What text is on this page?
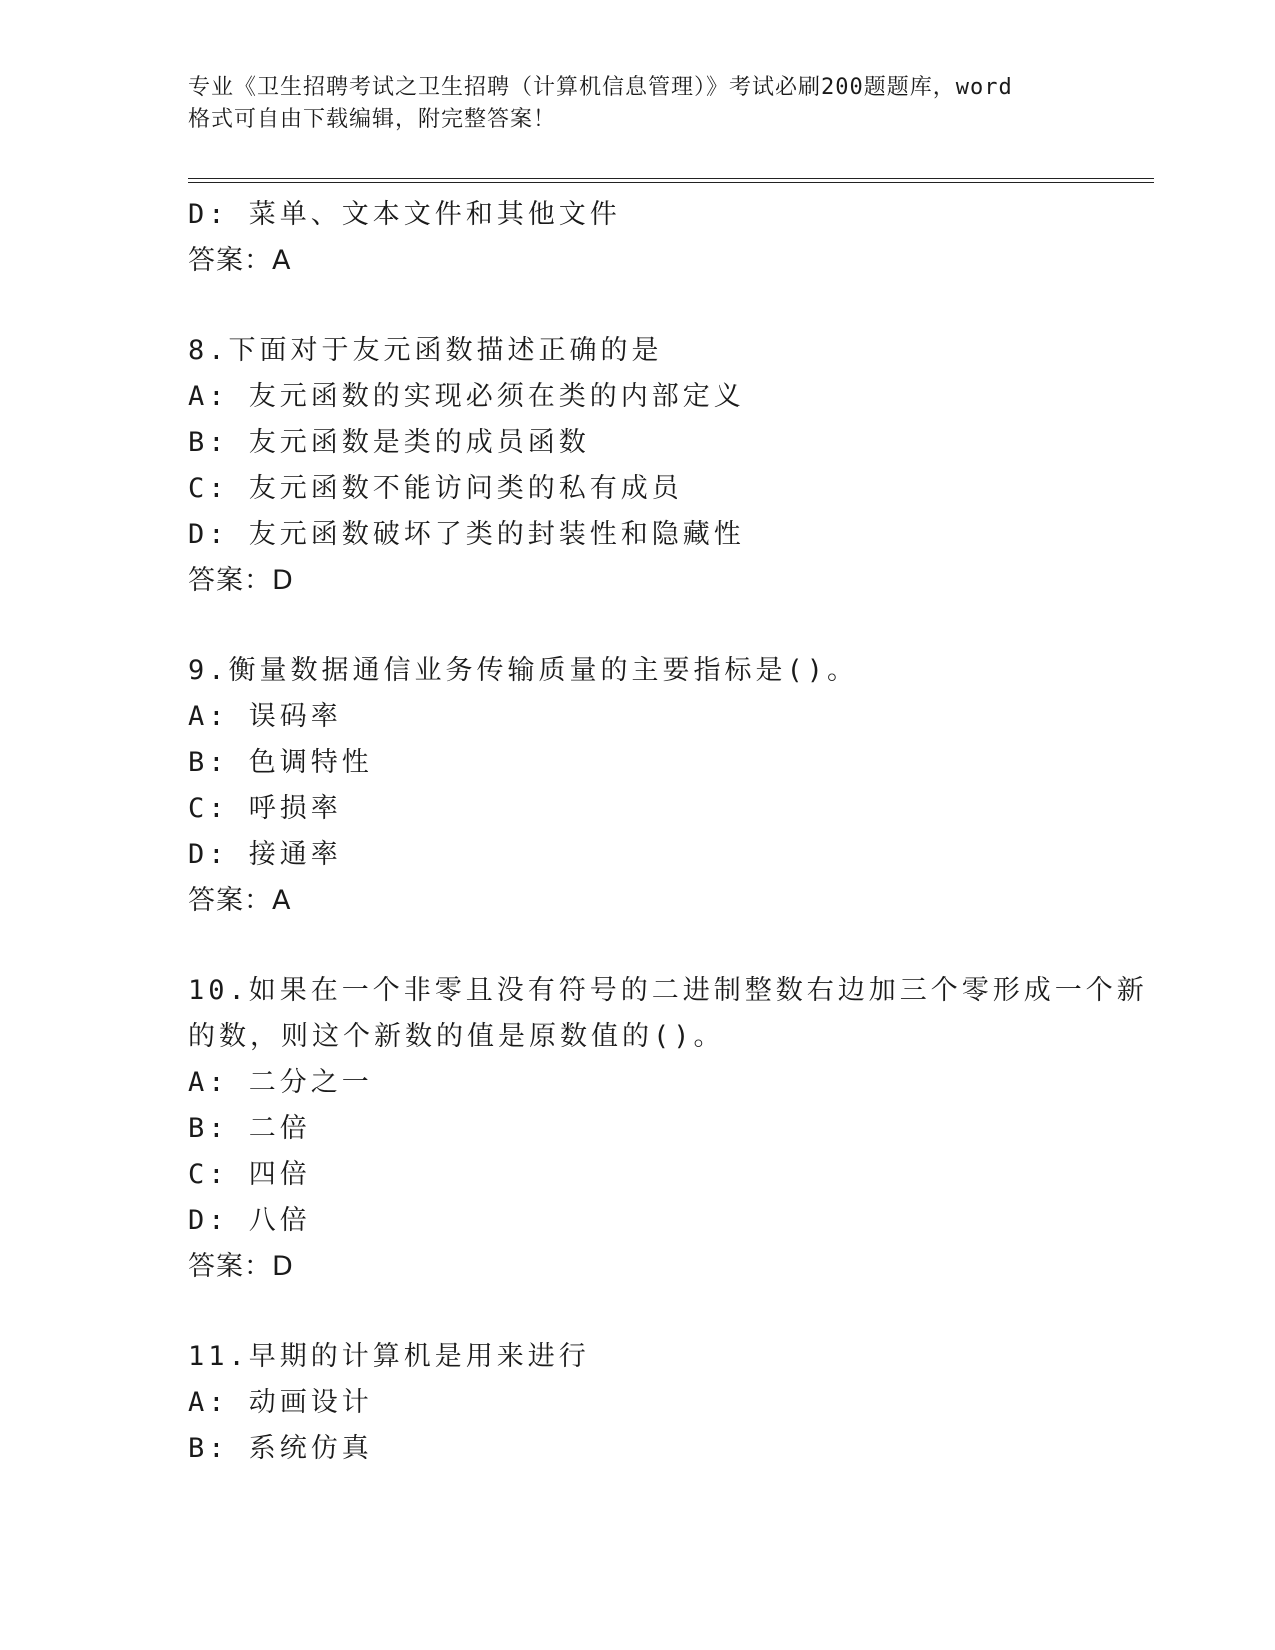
专业《卫生招聘考试之卫生招聘（计算机信息管理）》考试必刷200题题库，word
格式可自由下载编辑，附完整答案！
D: 菜单、文本文件和其他文件
答案：A
8.下面对于友元函数描述正确的是
A: 友元函数的实现必须在类的内部定义
B: 友元函数是类的成员函数
C: 友元函数不能访问类的私有成员
D: 友元函数破坏了类的封装性和隐藏性
答案：D
9.衡量数据通信业务传输质量的主要指标是()。
A: 误码率
B: 色调特性
C: 呼损率
D: 接通率
答案：A
10.如果在一个非零且没有符号的二进制整数右边加三个零形成一个新
的数，则这个新数的值是原数值的()。
A: 二分之一
B: 二倍
C: 四倍
D: 八倍
答案：D
11.早期的计算机是用来进行
A: 动画设计
B: 系统仿真
